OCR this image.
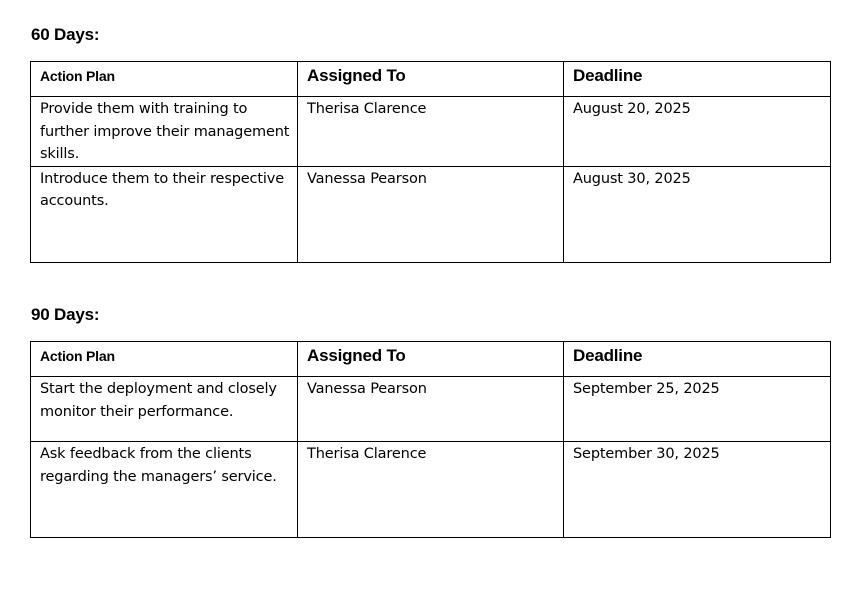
60 Days:
Action Plan	Assigned To	Deadline
Provide them with training to further improve their management skills.	Therisa Clarence	August 20, 2025
Introduce them to their respective accounts.	Vanessa Pearson	August 30, 2025
90 Days:
Action Plan	Assigned To	Deadline
Start the deployment and closely monitor their performance.	Vanessa Pearson	September 25, 2025
Ask feedback from the clients regarding the managers’ service.	Therisa Clarence	September 30, 2025
